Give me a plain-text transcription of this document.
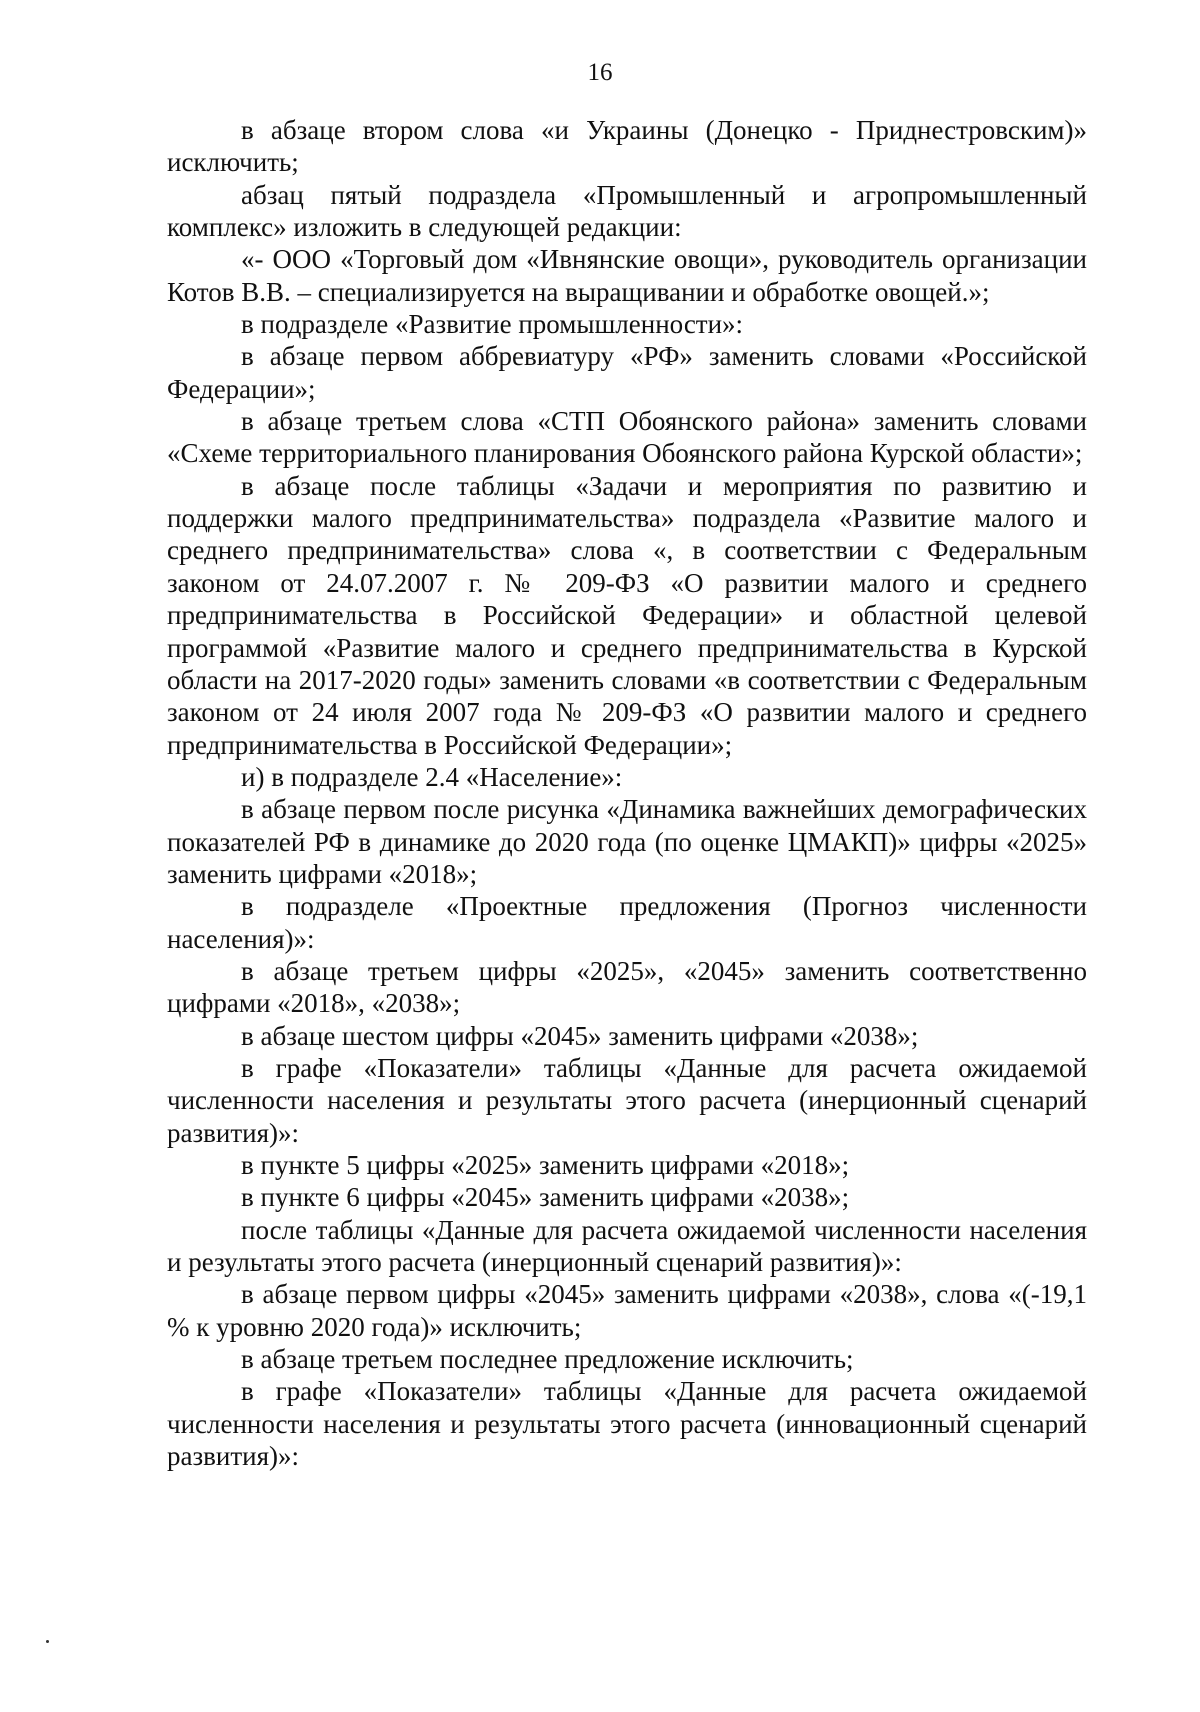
16

в абзаце втором слова «и Украины (Донецко - Приднестровским)» исключить;

абзац пятый подраздела «Промышленный и агропромышленный комплекс» изложить в следующей редакции:

«- ООО «Торговый дом «Ивнянские овощи», руководитель организации Котов В.В. – специализируется на выращивании и обработке овощей.»;

в подразделе «Развитие промышленности»:

в абзаце первом аббревиатуру «РФ» заменить словами «Российской Федерации»;

в абзаце третьем слова «СТП Обоянского района» заменить словами «Схеме территориального планирования Обоянского района Курской области»;

в абзаце после таблицы «Задачи и мероприятия по развитию и поддержки малого предпринимательства» подраздела «Развитие малого и среднего предпринимательства» слова «, в соответствии с Федеральным законом от 24.07.2007 г. № 209-ФЗ «О развитии малого и среднего предпринимательства в Российской Федерации» и областной целевой программой «Развитие малого и среднего предпринимательства в Курской области на 2017-2020 годы» заменить словами «в соответствии с Федеральным законом от 24 июля 2007 года № 209-ФЗ «О развитии малого и среднего предпринимательства в Российской Федерации»;

и) в подразделе 2.4 «Население»:

в абзаце первом после рисунка «Динамика важнейших демографических показателей РФ в динамике до 2020 года (по оценке ЦМАКП)» цифры «2025» заменить цифрами «2018»;

в подразделе «Проектные предложения (Прогноз численности населения)»:

в абзаце третьем цифры «2025», «2045» заменить соответственно цифрами «2018», «2038»;

в абзаце шестом цифры «2045» заменить цифрами «2038»;

в графе «Показатели» таблицы «Данные для расчета ожидаемой численности населения и результаты этого расчета (инерционный сценарий развития)»:

в пункте 5 цифры «2025» заменить цифрами «2018»;

в пункте 6 цифры «2045» заменить цифрами «2038»;

после таблицы «Данные для расчета ожидаемой численности населения и результаты этого расчета (инерционный сценарий развития)»:

в абзаце первом цифры «2045» заменить цифрами «2038», слова «(-19,1 % к уровню 2020 года)» исключить;

в абзаце третьем последнее предложение исключить;

в графе «Показатели» таблицы «Данные для расчета ожидаемой численности населения и результаты этого расчета (инновационный сценарий развития)»:
